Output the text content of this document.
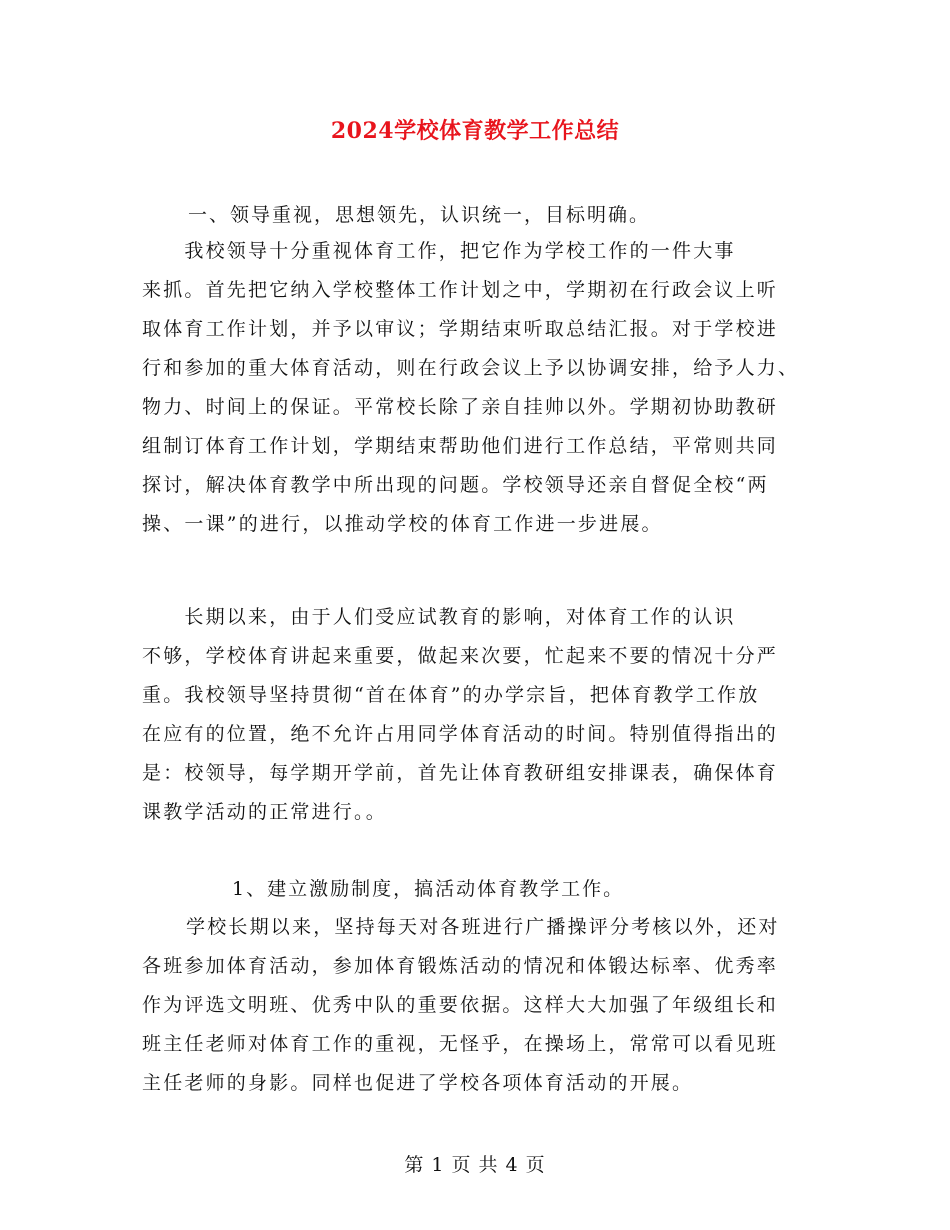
2024学校体育教学工作总结
一、领导重视，思想领先，认识统一，目标明确。
　　我校领导十分重视体育工作，把它作为学校工作的一件大事
来抓。首先把它纳入学校整体工作计划之中，学期初在行政会议上听
取体育工作计划，并予以审议；学期结束听取总结汇报。对于学校进
行和参加的重大体育活动，则在行政会议上予以协调安排，给予人力、
物力、时间上的保证。平常校长除了亲自挂帅以外。学期初协助教研
组制订体育工作计划，学期结束帮助他们进行工作总结，平常则共同
探讨，解决体育教学中所出现的问题。学校领导还亲自督促全校“两
操、一课”的进行，以推动学校的体育工作进一步进展。
　　长期以来，由于人们受应试教育的影响，对体育工作的认识
不够，学校体育讲起来重要，做起来次要，忙起来不要的情况十分严
重。我校领导坚持贯彻“首在体育”的办学宗旨，把体育教学工作放
在应有的位置，绝不允许占用同学体育活动的时间。特别值得指出的
是：校领导，每学期开学前，首先让体育教研组安排课表，确保体育
课教学活动的正常进行。。
1、建立激励制度，搞活动体育教学工作。
学校长期以来，坚持每天对各班进行广播操评分考核以外，还对
各班参加体育活动，参加体育锻炼活动的情况和体锻达标率、优秀率
作为评选文明班、优秀中队的重要依据。这样大大加强了年级组长和
班主任老师对体育工作的重视，无怪乎，在操场上，常常可以看见班
主任老师的身影。同样也促进了学校各项体育活动的开展。
第 1 页 共 4 页
